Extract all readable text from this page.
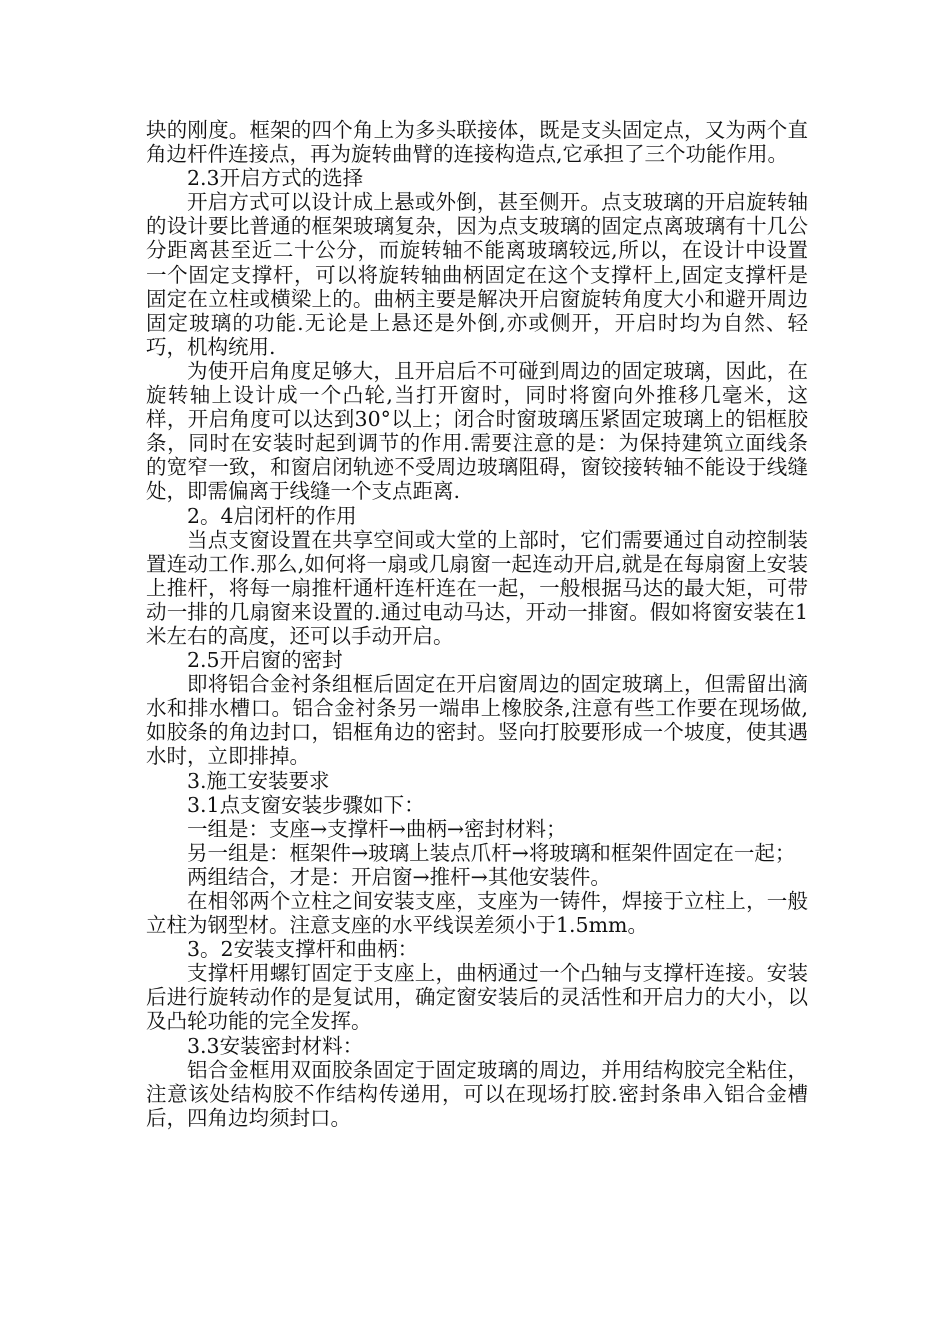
块的刚度。框架的四个角上为多头联接体，既是支头固定点，又为两个直角边杆件连接点，再为旋转曲臂的连接构造点,它承担了三个功能作用。

2.3开启方式的选择

开启方式可以设计成上悬或外倒，甚至侧开。点支玻璃的开启旋转轴的设计要比普通的框架玻璃复杂，因为点支玻璃的固定点离玻璃有十几公分距离甚至近二十公分，而旋转轴不能离玻璃较远,所以，在设计中设置一个固定支撑杆，可以将旋转轴曲柄固定在这个支撑杆上,固定支撑杆是固定在立柱或横梁上的。曲柄主要是解决开启窗旋转角度大小和避开周边固定玻璃的功能.无论是上悬还是外倒,亦或侧开，开启时均为自然、轻巧，机构统用.

为使开启角度足够大，且开启后不可碰到周边的固定玻璃，因此，在旋转轴上设计成一个凸轮,当打开窗时，同时将窗向外推移几毫米，这样，开启角度可以达到30°以上；闭合时窗玻璃压紧固定玻璃上的铝框胶条，同时在安装时起到调节的作用.需要注意的是：为保持建筑立面线条的宽窄一致，和窗启闭轨迹不受周边玻璃阻碍，窗铰接转轴不能设于线缝处，即需偏离于线缝一个支点距离.

2。4启闭杆的作用

当点支窗设置在共享空间或大堂的上部时，它们需要通过自动控制装置连动工作.那么,如何将一扇或几扇窗一起连动开启,就是在每扇窗上安装上推杆，将每一扇推杆通杆连杆连在一起，一般根据马达的最大矩，可带动一排的几扇窗来设置的.通过电动马达，开动一排窗。假如将窗安装在1米左右的高度，还可以手动开启。

2.5开启窗的密封

即将铝合金衬条组框后固定在开启窗周边的固定玻璃上，但需留出滴水和排水槽口。铝合金衬条另一端串上橡胶条,注意有些工作要在现场做,如胶条的角边封口，铝框角边的密封。竖向打胶要形成一个坡度，使其遇水时，立即排掉。

3.施工安装要求

3.1点支窗安装步骤如下：

一组是：支座→支撑杆→曲柄→密封材料；

另一组是：框架件→玻璃上装点爪杆→将玻璃和框架件固定在一起；

两组结合，才是：开启窗→推杆→其他安装件。

在相邻两个立柱之间安装支座，支座为一铸件，焊接于立柱上，一般立柱为钢型材。注意支座的水平线误差须小于1.5mm。

3。2安装支撑杆和曲柄：

支撑杆用螺钉固定于支座上，曲柄通过一个凸轴与支撑杆连接。安装后进行旋转动作的是复试用，确定窗安装后的灵活性和开启力的大小，以及凸轮功能的完全发挥。

3.3安装密封材料：

铝合金框用双面胶条固定于固定玻璃的周边，并用结构胶完全粘住，注意该处结构胶不作结构传递用，可以在现场打胶.密封条串入铝合金槽后，四角边均须封口。
